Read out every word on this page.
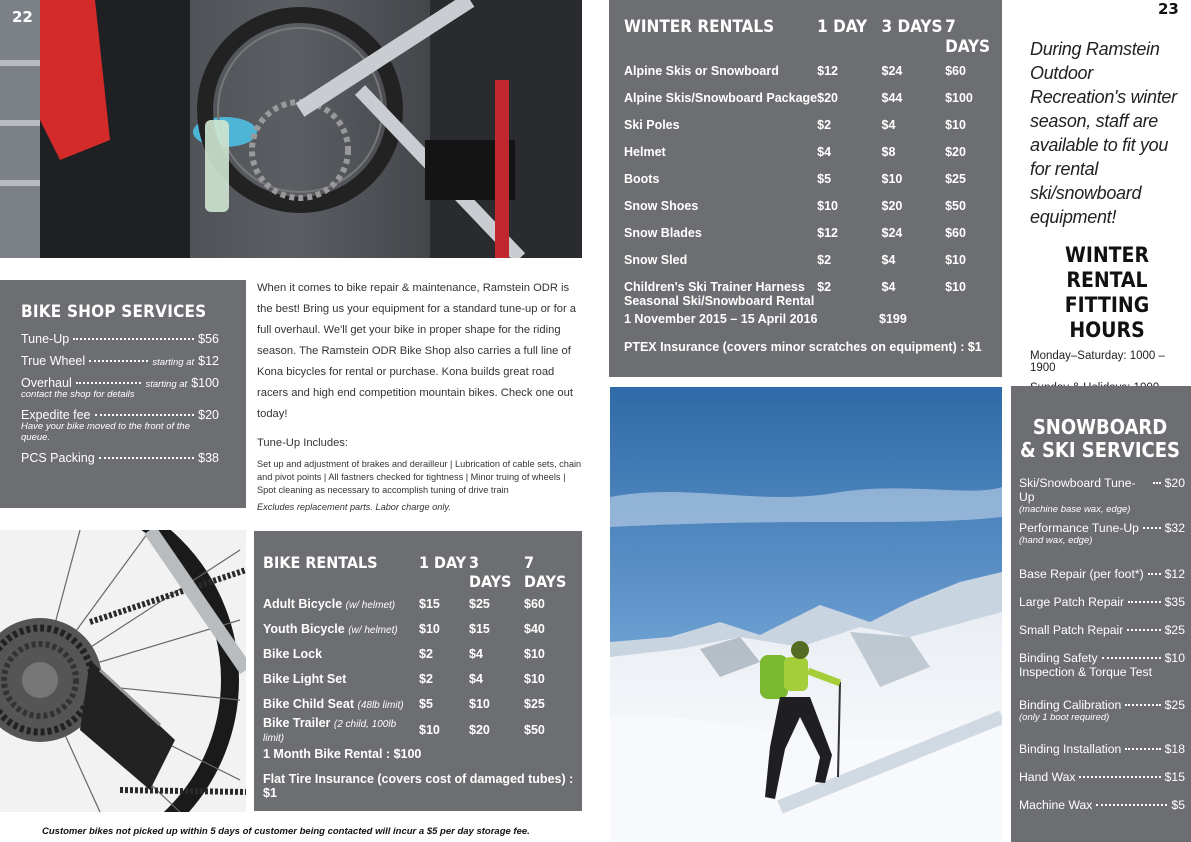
22
BIKE SHOP SERVICES
Tune-Up	$56
True Wheel	starting at $12
Overhaul	starting at $100
contact the shop for details
Expedite fee	$20
Have your bike moved to the front of the queue.
PCS Packing	$38
When it comes to bike repair & maintenance, Ramstein ODR is the best! Bring us your equipment for a standard tune-up or for a full overhaul. We'll get your bike in proper shape for the riding season. The Ramstein ODR Bike Shop also carries a full line of Kona bicycles for rental or purchase. Kona builds great road racers and high end competition mountain bikes. Check one out today!
Tune-Up Includes:
Set up and adjustment of brakes and derailleur | Lubrication of cable sets, chain and pivot points | All fastners checked for tightness | Minor truing of wheels | Spot cleaning as necessary to accomplish tuning of drive train
Excludes replacement parts. Labor charge only.
BIKE RENTALS	1 DAY	3 DAYS	7 DAYS
Adult Bicycle (w/ helmet)	$15	$25	$60
Youth Bicycle (w/ helmet)	$10	$15	$40
Bike Lock	$2	$4	$10
Bike Light Set	$2	$4	$10
Bike Child Seat (48lb limit)	$5	$10	$25
Bike Trailer (2 child, 100lb limit)	$10	$20	$50
1 Month Bike Rental : $100
Flat Tire Insurance (covers cost of damaged tubes) : $1
Customer bikes not picked up within 5 days of customer being contacted will incur a $5 per day storage fee.
WINTER RENTALS	1 DAY	3 DAYS	7 DAYS
Alpine Skis or Snowboard	$12	$24	$60
Alpine Skis/Snowboard Package	$20	$44	$100
Ski Poles	$2	$4	$10
Helmet	$4	$8	$20
Boots	$5	$10	$25
Snow Shoes	$10	$20	$50
Snow Blades	$12	$24	$60
Snow Sled	$2	$4	$10
Children's Ski Trainer Harness	$2	$4	$10
Seasonal Ski/Snowboard Rental
1 November 2015 – 15 April 2016	$199
PTEX Insurance (covers minor scratches on equipment) : $1
23
During Ramstein Outdoor Recreation's winter season, staff are available to fit you for rental ski/snowboard equipment!
WINTER RENTAL
FITTING HOURS
Monday–Saturday: 1000 –1900
SNOWBOARD
& SKI SERVICES
Ski/Snowboard Tune-Up
$20
(machine base wax, edge)
Performance Tune-Up $32
(hand wax, edge)
Base Repair (per foot*) $12
Large Patch Repair	$35
Small Patch Repair	$25
Binding Safety	$10
Inspection & Torque Test
Binding Calibration	$25
(only 1 boot required)
Binding Installation	$18
Hand Wax	$15
Machine Wax	$5
